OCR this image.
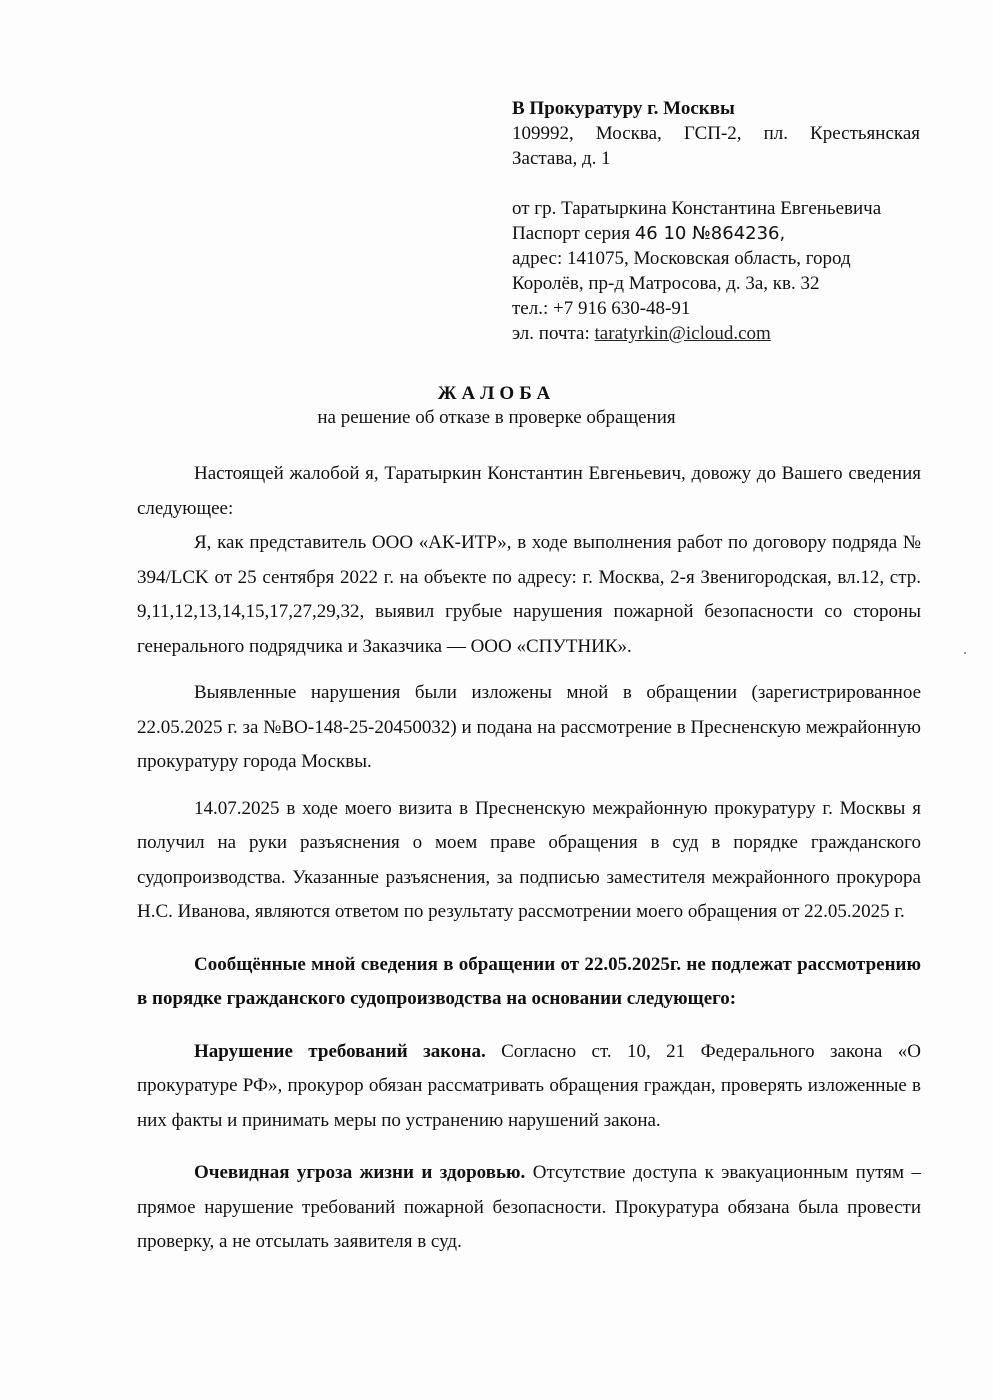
В Прокуратуру г. Москвы
109992, Москва, ГСП-2, пл. Крестьянская
Застава, д. 1
от гр. Таратыркина Константина Евгеньевича
Паспорт серия 46 10 №864236,
адрес: 141075, Московская область, город
Королёв, пр-д Матросова, д. 3а, кв. 32
тел.: +7 916 630-48-91
эл. почта: taratyrkin@icloud.com
ЖАЛОБА
на решение об отказе в проверке обращения

Настоящей жалобой я, Таратыркин Константин Евгеньевич, довожу до Вашего сведения следующее:

Я, как представитель ООО «АК-ИТР», в ходе выполнения работ по договору подряда № 394/LCK от 25 сентября 2022 г. на объекте по адресу: г. Москва, 2-я Звенигородская, вл.12, стр. 9,11,12,13,14,15,17,27,29,32, выявил грубые нарушения пожарной безопасности со стороны генерального подрядчика и Заказчика — ООО «СПУТНИК».

Выявленные нарушения были изложены мной в обращении (зарегистрированное 22.05.2025 г. за №ВО-148-25-20450032) и подана на рассмотрение в Пресненскую межрайонную прокуратуру города Москвы.

14.07.2025 в ходе моего визита в Пресненскую межрайонную прокуратуру г. Москвы я получил на руки разъяснения о моем праве обращения в суд в порядке гражданского судопроизводства. Указанные разъяснения, за подписью заместителя межрайонного прокурора Н.С. Иванова, являются ответом по результату рассмотрении моего обращения от 22.05.2025 г.

Сообщённые мной сведения в обращении от 22.05.2025г. не подлежат рассмотрению в порядке гражданского судопроизводства на основании следующего:

Нарушение требований закона. Согласно ст. 10, 21 Федерального закона «О прокуратуре РФ», прокурор обязан рассматривать обращения граждан, проверять изложенные в них факты и принимать меры по устранению нарушений закона.

Очевидная угроза жизни и здоровью. Отсутствие доступа к эвакуационным путям – прямое нарушение требований пожарной безопасности. Прокуратура обязана была провести проверку, а не отсылать заявителя в суд.
